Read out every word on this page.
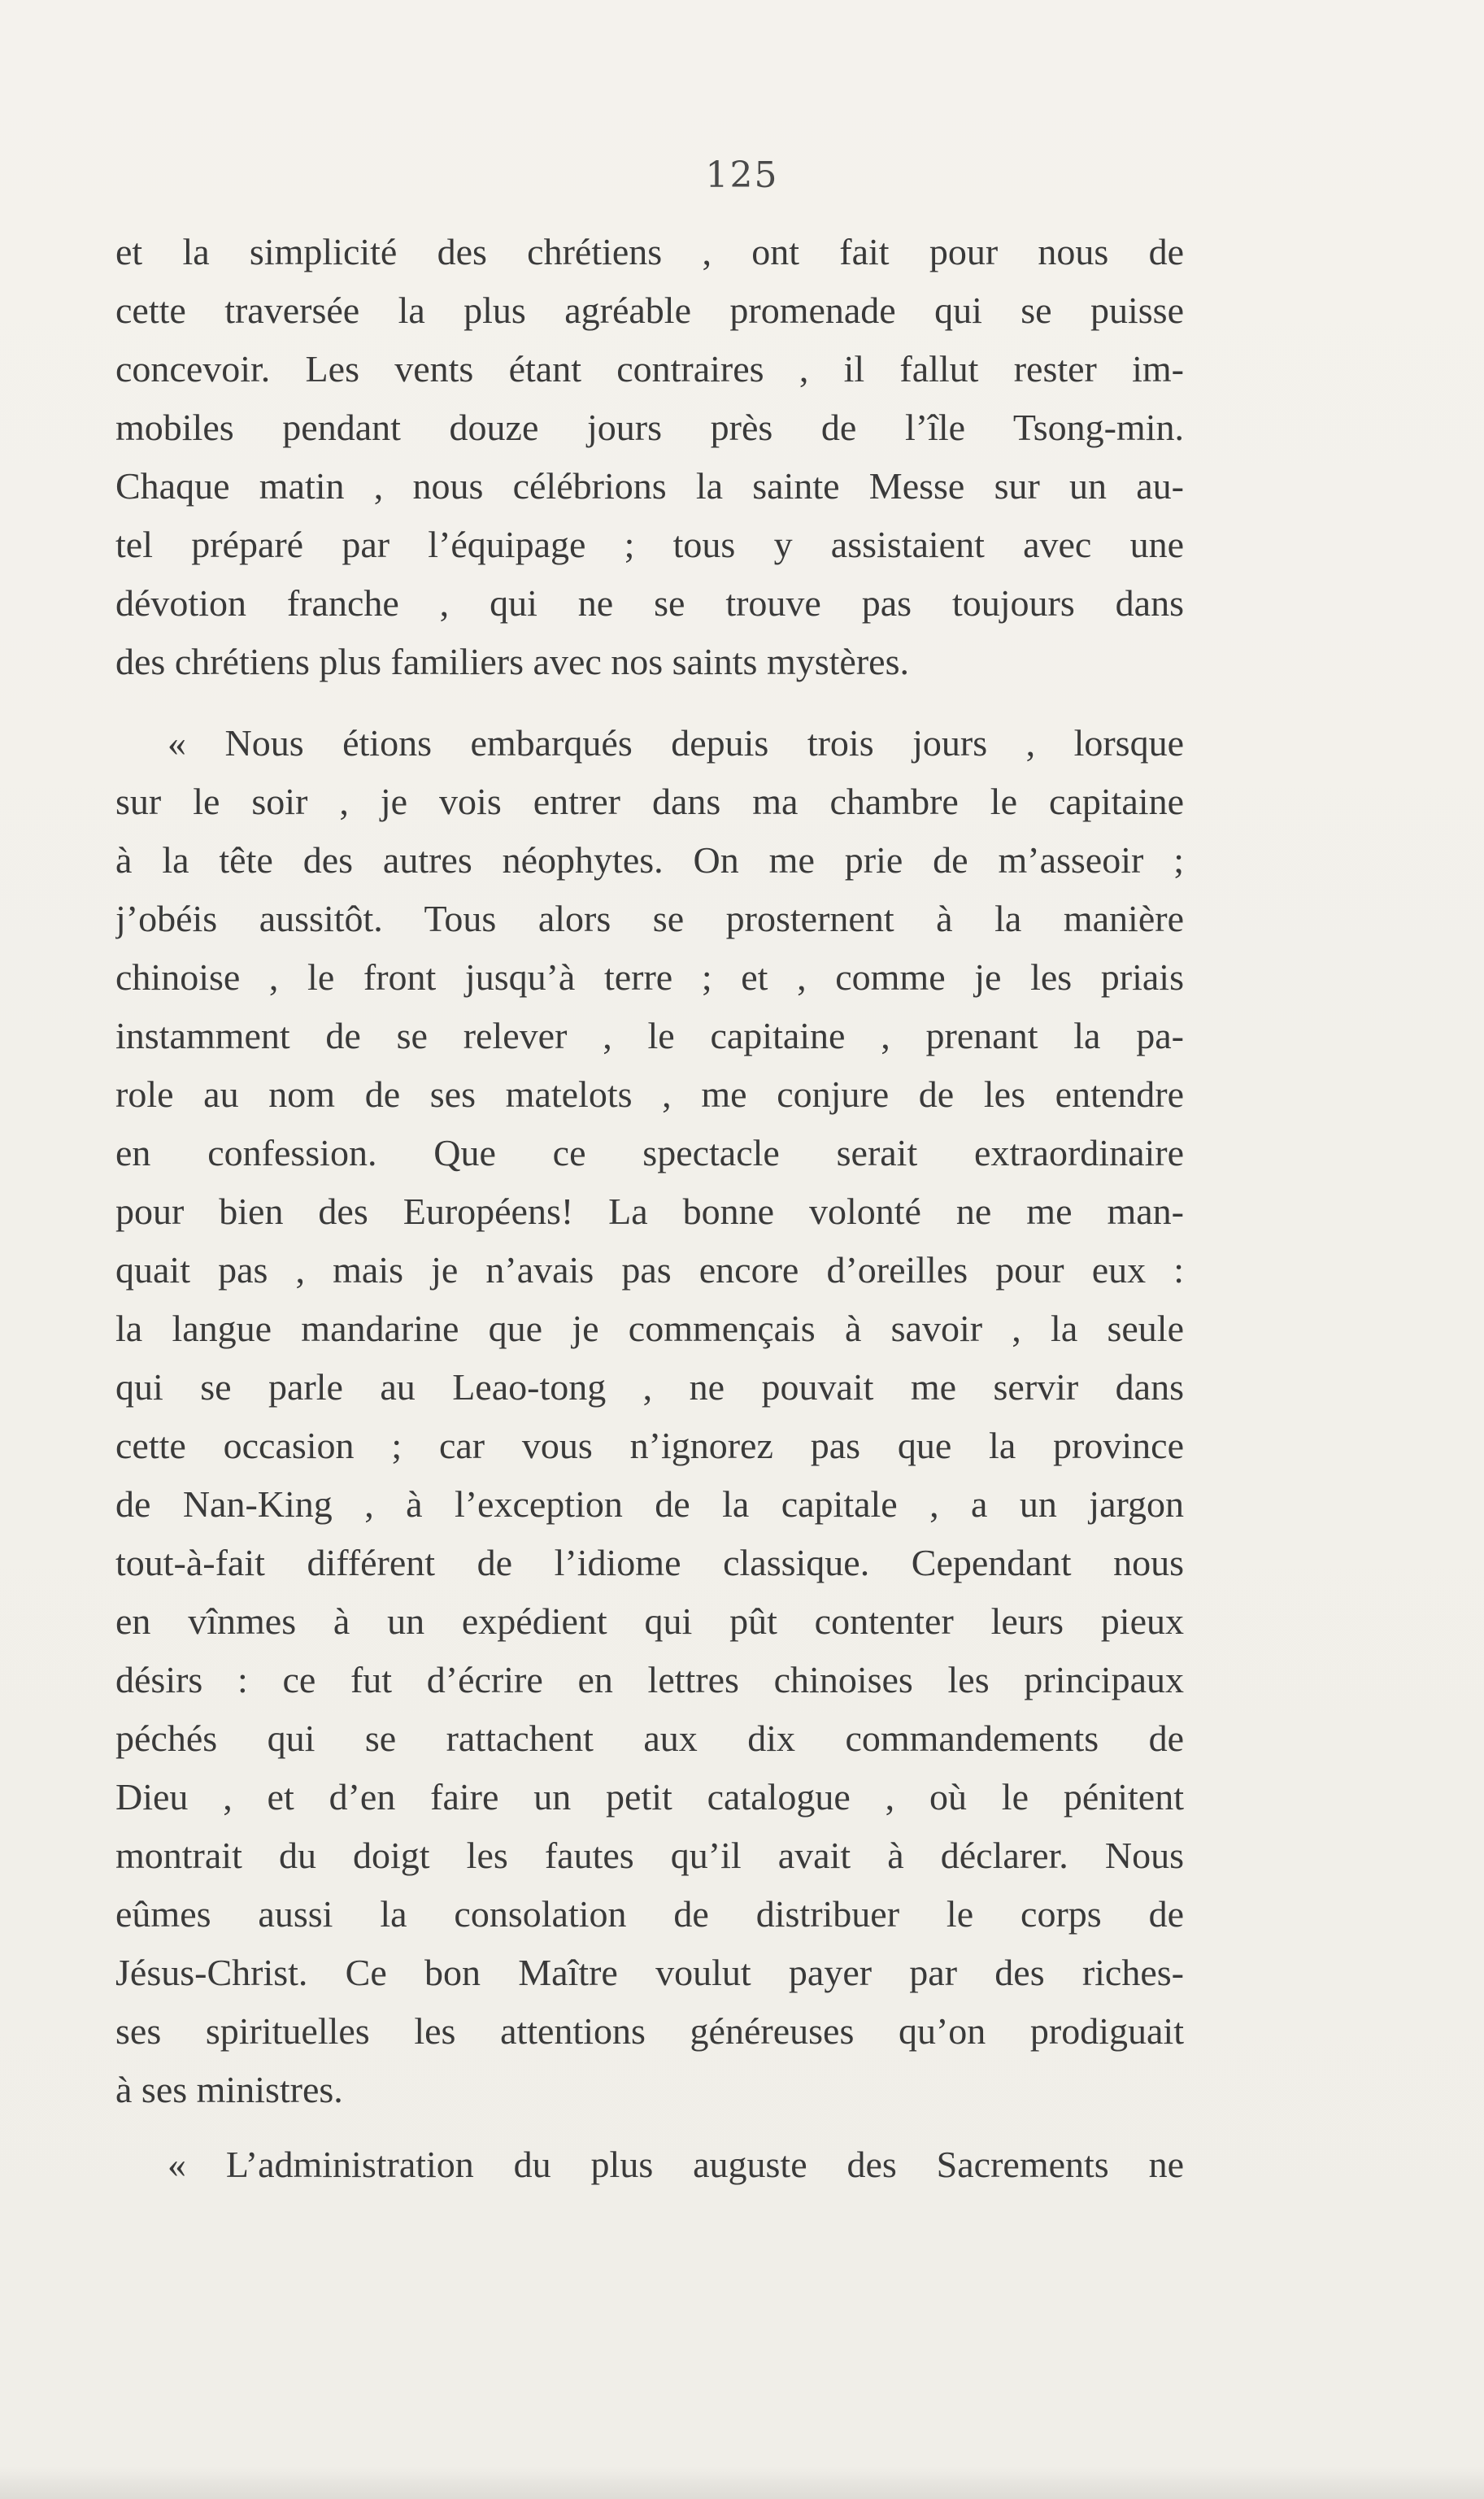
125
et la simplicité des chrétiens , ont fait pour nous de
cette traversée la plus agréable promenade qui se puisse
concevoir. Les vents étant contraires , il fallut rester im-
mobiles pendant douze jours près de l’île Tsong-min.
Chaque matin , nous célébrions la sainte Messe sur un au-
tel préparé par l’équipage ; tous y assistaient avec une
dévotion franche , qui ne se trouve pas toujours dans
des chrétiens plus familiers avec nos saints mystères.
« Nous étions embarqués depuis trois jours , lorsque
sur le soir , je vois entrer dans ma chambre le capitaine
à la tête des autres néophytes. On me prie de m’asseoir ;
j’obéis aussitôt. Tous alors se prosternent à la manière
chinoise , le front jusqu’à terre ; et , comme je les priais
instamment de se relever , le capitaine , prenant la pa-
role au nom de ses matelots , me conjure de les entendre
en confession. Que ce spectacle serait extraordinaire
pour bien des Européens! La bonne volonté ne me man-
quait pas , mais je n’avais pas encore d’oreilles pour eux :
la langue mandarine que je commençais à savoir , la seule
qui se parle au Leao-tong , ne pouvait me servir dans
cette occasion ; car vous n’ignorez pas que la province
de Nan-King , à l’exception de la capitale , a un jargon
tout-à-fait différent de l’idiome classique. Cependant nous
en vînmes à un expédient qui pût contenter leurs pieux
désirs : ce fut d’écrire en lettres chinoises les principaux
péchés qui se rattachent aux dix commandements de
Dieu , et d’en faire un petit catalogue , où le pénitent
montrait du doigt les fautes qu’il avait à déclarer. Nous
eûmes aussi la consolation de distribuer le corps de
Jésus-Christ. Ce bon Maître voulut payer par des riches-
ses spirituelles les attentions généreuses qu’on prodiguait
à ses ministres.
« L’administration du plus auguste des Sacrements ne
